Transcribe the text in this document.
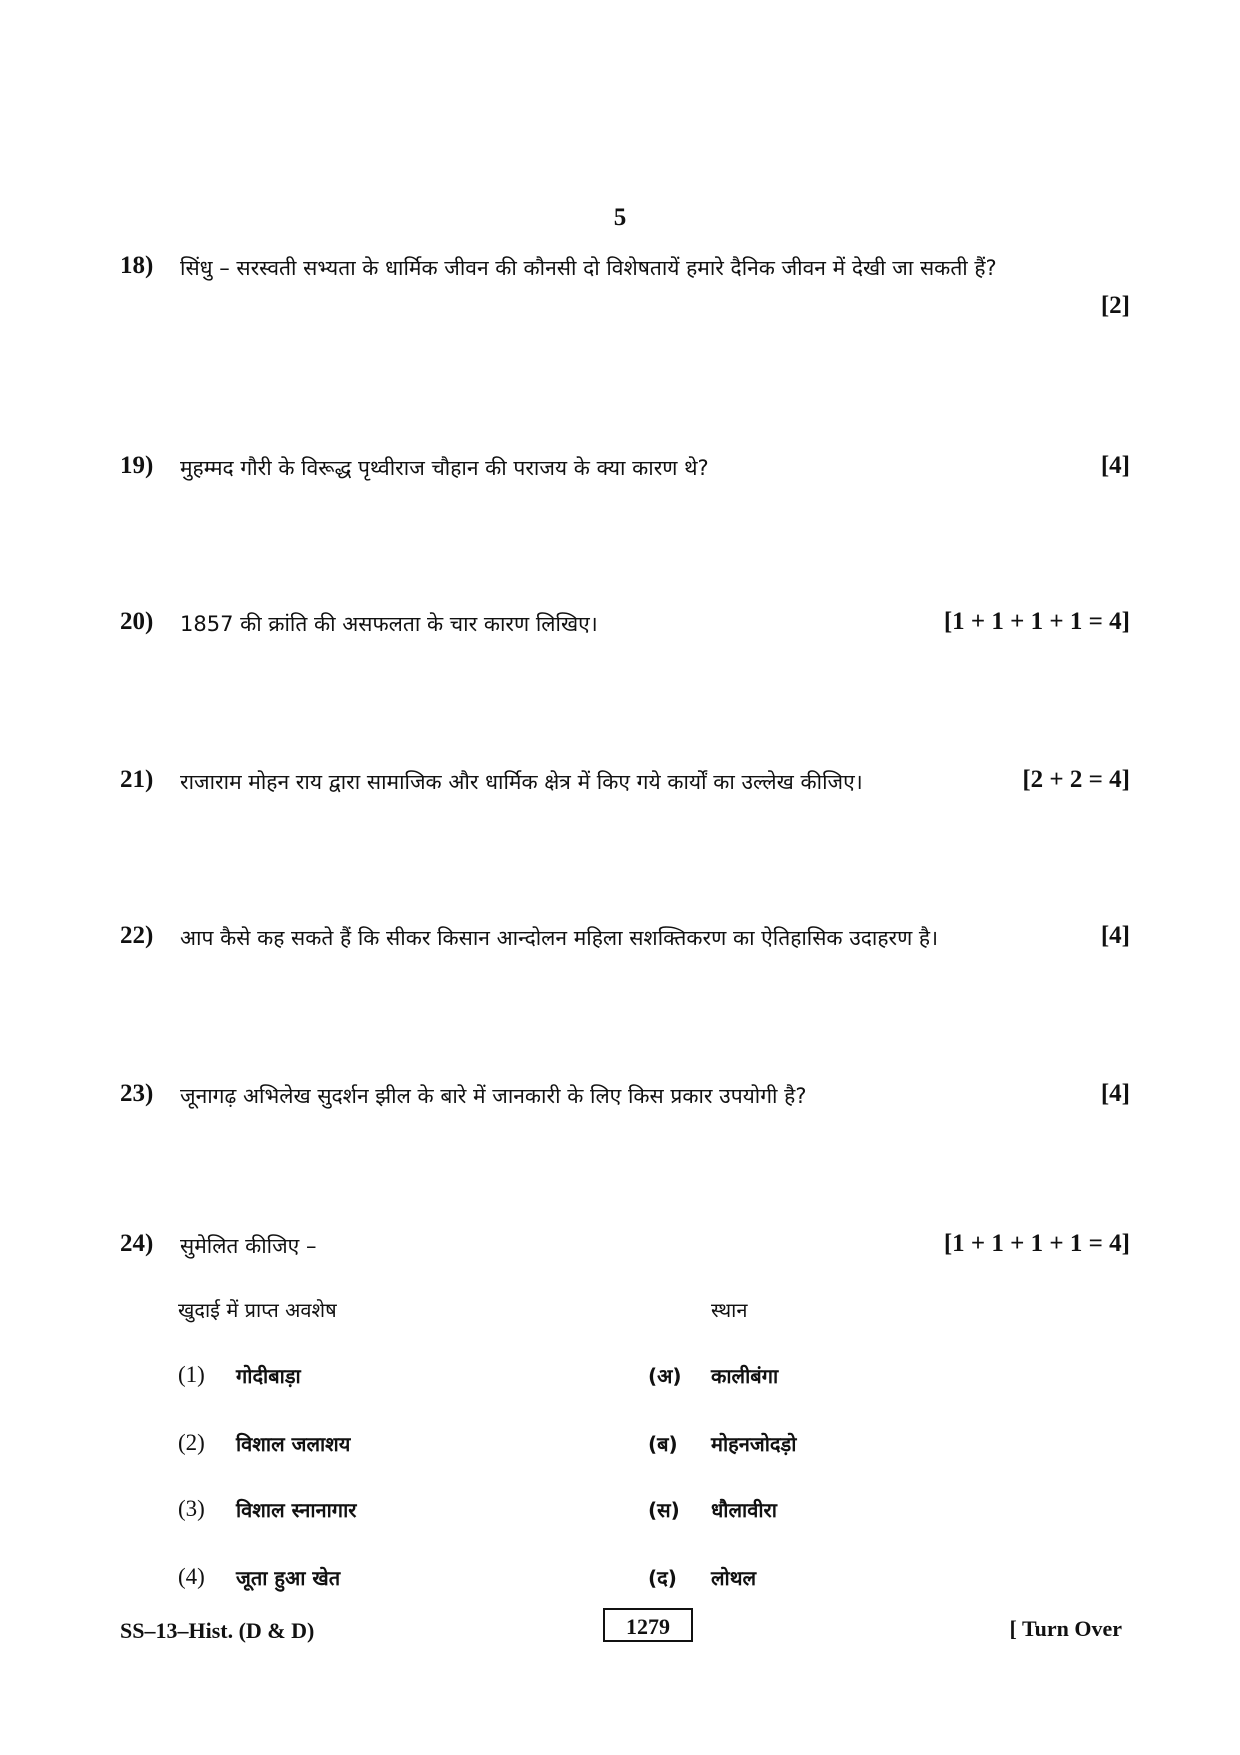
5
18) सिंधु – सरस्वती सभ्यता के धार्मिक जीवन की कौनसी दो विशेषतायें हमारे दैनिक जीवन में देखी जा सकती हैं?
[2]
19) मुहम्मद गौरी के विरूद्ध पृथ्वीराज चौहान की पराजय के क्या कारण थे?	[4]
20) 1857 की क्रांति की असफलता के चार कारण लिखिए।	[1 + 1 + 1 + 1 = 4]
21) राजाराम मोहन राय द्वारा सामाजिक और धार्मिक क्षेत्र में किए गये कार्यों का उल्लेख कीजिए।	[2 + 2 = 4]
22) आप कैसे कह सकते हैं कि सीकर किसान आन्दोलन महिला सशक्तिकरण का ऐतिहासिक उदाहरण है।	[4]
23) जूनागढ़ अभिलेख सुदर्शन झील के बारे में जानकारी के लिए किस प्रकार उपयोगी है?	[4]
24) सुमेलित कीजिए –	[1 + 1 + 1 + 1 = 4]
खुदाई में प्राप्त अवशेष	स्थान
(1) गोदीबाड़ा	(अ) कालीबंगा
(2) विशाल जलाशय	(ब) मोहनजोदड़ो
(3) विशाल स्नानागार	(स) धौलावीरा
(4) जूता हुआ खेत	(द) लोथल
SS–13–Hist. (D & D)	1279	[ Turn Over
